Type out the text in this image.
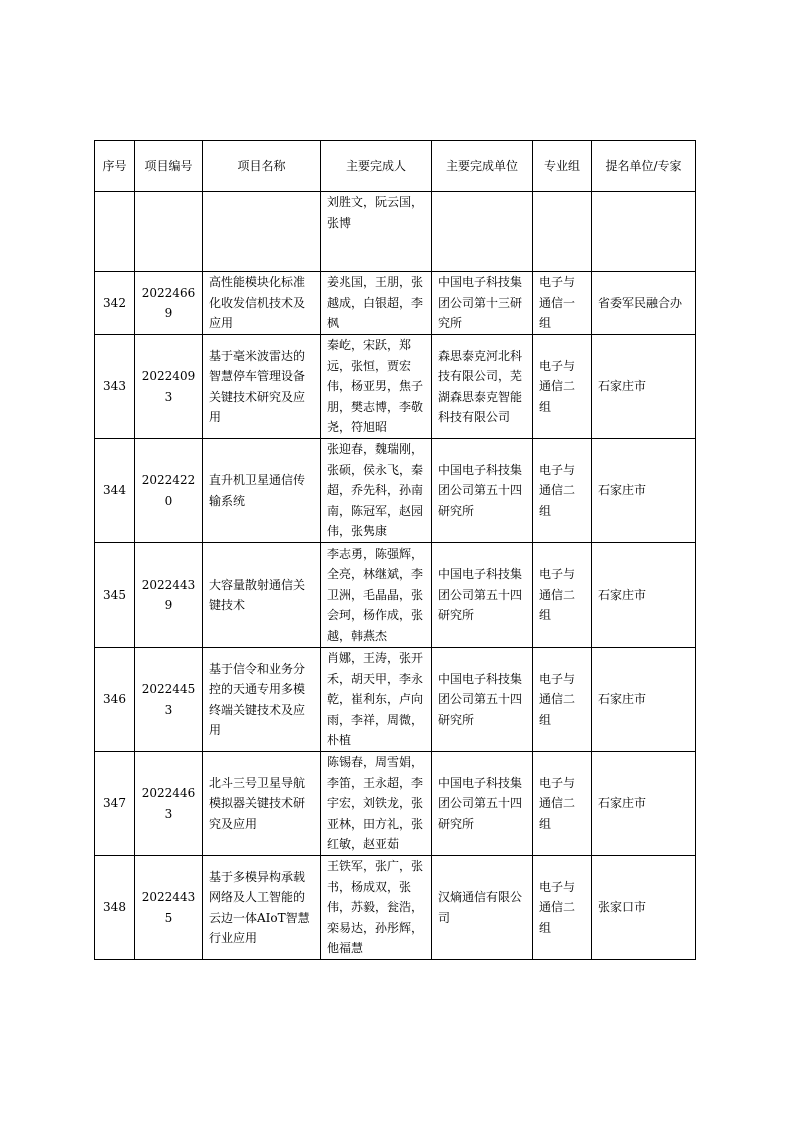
序号	项目编号	项目名称	主要完成人	主要完成单位	专业组	提名单位/专家
			刘胜文，阮云国，张博			
342	20224669	高性能模块化标准化收发信机技术及应用	姜兆国，王朋，张越成，白银超，李枫	中国电子科技集团公司第十三研究所	电子与通信一组	省委军民融合办
343	20224093	基于毫米波雷达的智慧停车管理设备关键技术研究及应用	秦屹，宋跃，郑远，张恒，贾宏伟，杨亚男，焦子朋，樊志博，李敬尧，符旭昭	森思泰克河北科技有限公司，芜湖森思泰克智能科技有限公司	电子与通信二组	石家庄市
344	20224220	直升机卫星通信传输系统	张迎春，魏瑞刚，张硕，侯永飞，秦超，乔先科，孙南南，陈冠军，赵园伟，张隽康	中国电子科技集团公司第五十四研究所	电子与通信二组	石家庄市
345	20224439	大容量散射通信关键技术	李志勇，陈强辉，全亮，林继斌，李卫洲，毛晶晶，张会珂，杨作成，张越，韩燕杰	中国电子科技集团公司第五十四研究所	电子与通信二组	石家庄市
346	20224453	基于信令和业务分控的天通专用多模终端关键技术及应用	肖娜，王涛，张开禾，胡天甲，李永乾，崔利东，卢向雨，李祥，周微，朴植	中国电子科技集团公司第五十四研究所	电子与通信二组	石家庄市
347	20224463	北斗三号卫星导航模拟器关键技术研究及应用	陈锡春，周雪娟，李笛，王永超，李宇宏，刘铁龙，张亚林，田方礼，张红敏，赵亚茹	中国电子科技集团公司第五十四研究所	电子与通信二组	石家庄市
348	20224435	基于多模异构承载网络及人工智能的云边一体AIoT智慧行业应用	王铁军，张广，张书，杨成双，张伟，苏毅，瓮浩，栾易达，孙彤辉，他福慧	汉熵通信有限公司	电子与通信二组	张家口市
